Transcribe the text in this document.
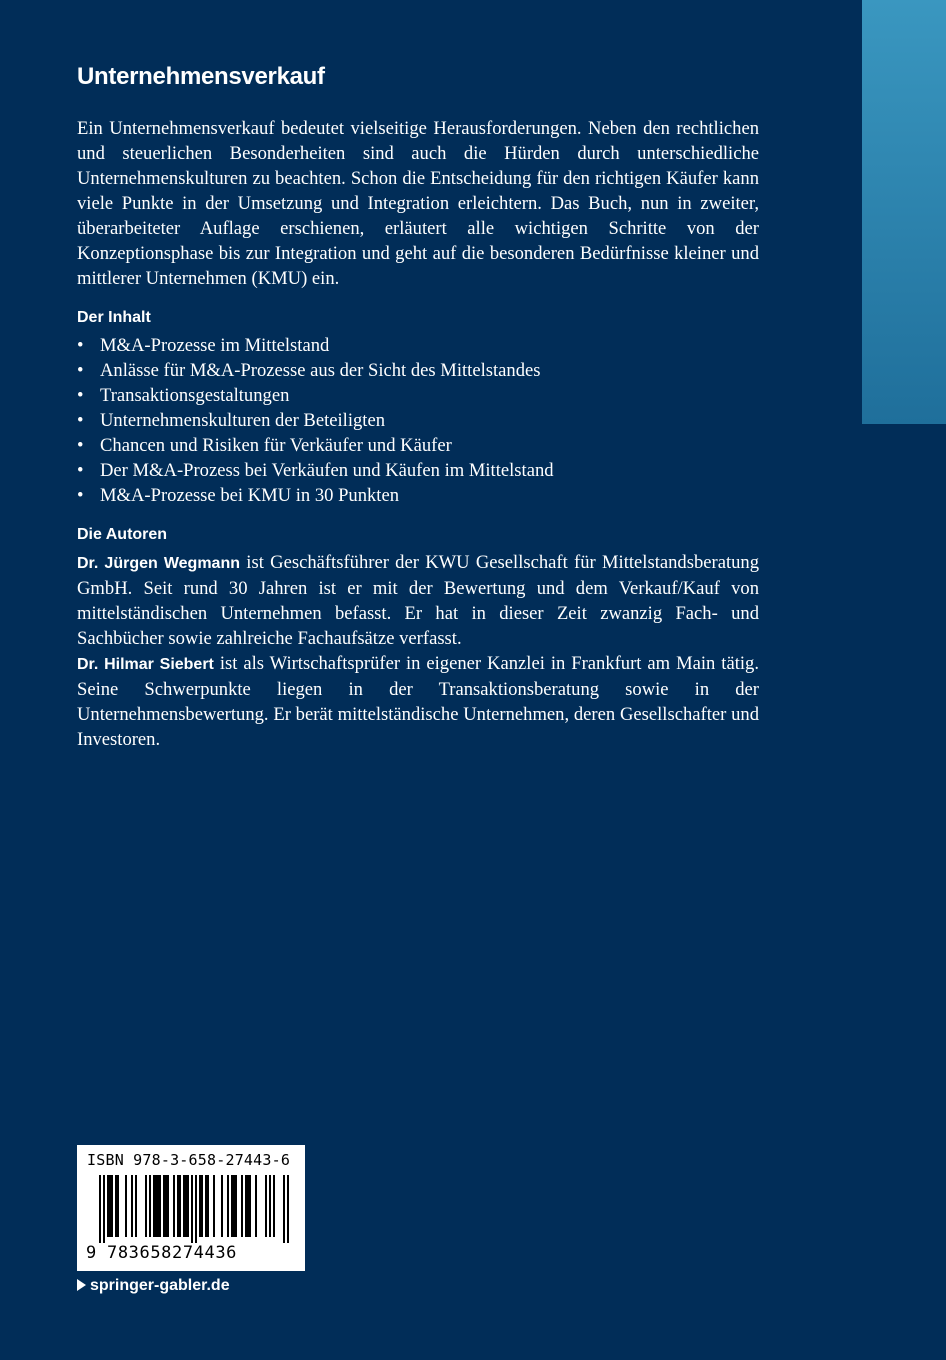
Unternehmensverkauf

Ein Unternehmensverkauf bedeutet vielseitige Herausforderungen. Neben den rechtlichen und steuerlichen Besonderheiten sind auch die Hürden durch unterschiedliche Unternehmenskulturen zu beachten. Schon die Entscheidung für den richtigen Käufer kann viele Punkte in der Umsetzung und Integration erleichtern. Das Buch, nun in zweiter, überarbeiteter Auflage erschienen, erläutert alle wichtigen Schritte von der Konzeptionsphase bis zur Integration und geht auf die besonderen Bedürfnisse kleiner und mittlerer Unternehmen (KMU) ein.

Der Inhalt
• M&A-Prozesse im Mittelstand
• Anlässe für M&A-Prozesse aus der Sicht des Mittelstandes
• Transaktionsgestaltungen
• Unternehmenskulturen der Beteiligten
• Chancen und Risiken für Verkäufer und Käufer
• Der M&A-Prozess bei Verkäufen und Käufen im Mittelstand
• M&A-Prozesse bei KMU in 30 Punkten
Die Autoren

Dr. Jürgen Wegmann ist Geschäftsführer der KWU Gesellschaft für Mittelstandsberatung GmbH. Seit rund 30 Jahren ist er mit der Bewertung und dem Verkauf/Kauf von mittelständischen Unternehmen befasst. Er hat in dieser Zeit zwanzig Fach- und Sachbücher sowie zahlreiche Fachaufsätze verfasst.

Dr. Hilmar Siebert ist als Wirtschaftsprüfer in eigener Kanzlei in Frankfurt am Main tätig. Seine Schwerpunkte liegen in der Transaktionsberatung sowie in der Unternehmensbewertung. Er berät mittelständische Unternehmen, deren Gesellschafter und Investoren.

ISBN 978-3-658-27443-6
9 783658274436
springer-gabler.de
